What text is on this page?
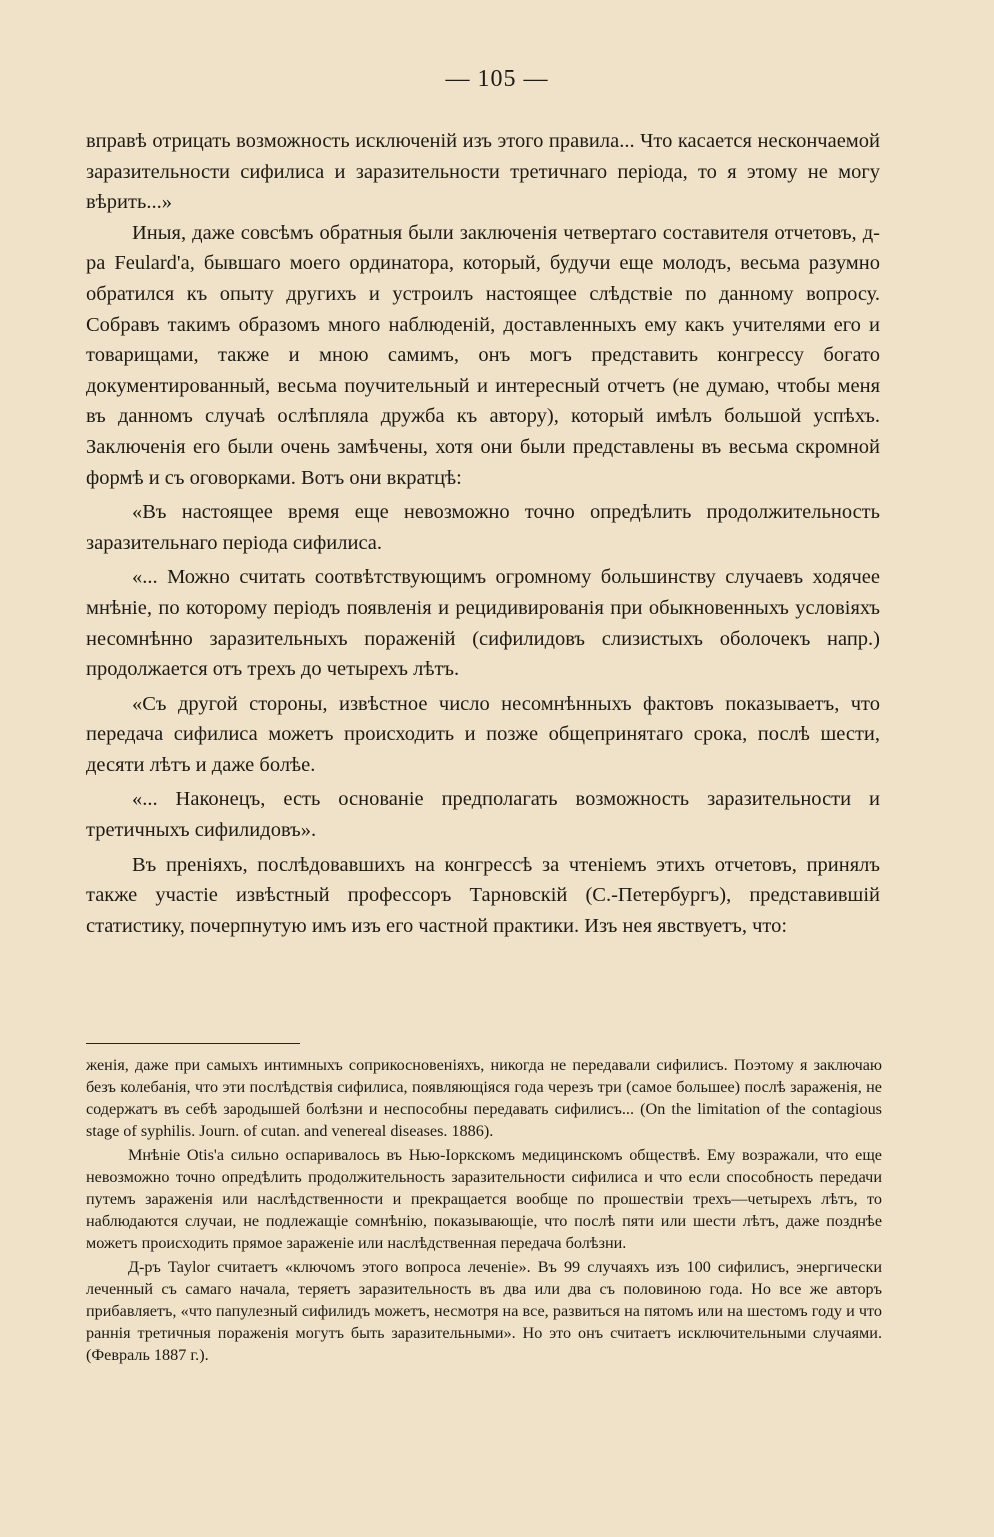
— 105 —

вправѣ отрицать возможность исключеній изъ этого правила... Что касается нескончаемой заразительности сифилиса и заразительности третичнаго періода, то я этому не могу вѣрить...»

Иныя, даже совсѣмъ обратныя были заключенія четвертаго составителя отчетовъ, д-ра Feulard'а, бывшаго моего ординатора, который, будучи еще молодъ, весьма разумно обратился къ опыту другихъ и устроилъ настоящее слѣдствіе по данному вопросу. Собравъ такимъ образомъ много наблюденій, доставленныхъ ему какъ учителями его и товарищами, также и мною самимъ, онъ могъ представить конгрессу богато документированный, весьма поучительный и интересный отчетъ (не думаю, чтобы меня въ данномъ случаѣ ослѣпляла дружба къ автору), который имѣлъ большой успѣхъ. Заключенія его были очень замѣчены, хотя они были представлены въ весьма скромной формѣ и съ оговорками. Вотъ они вкратцѣ:

«Въ настоящее время еще невозможно точно опредѣлить продолжительность заразительнаго періода сифилиса.

«... Можно считать соотвѣтствующимъ огромному большинству случаевъ ходячее мнѣніе, по которому періодъ появленія и рецидивированія при обыкновенныхъ условіяхъ несомнѣнно заразительныхъ пораженій (сифилидовъ слизистыхъ оболочекъ напр.) продолжается отъ трехъ до четырехъ лѣтъ.

«Съ другой стороны, извѣстное число несомнѣнныхъ фактовъ показываетъ, что передача сифилиса можетъ происходить и позже общепринятаго срока, послѣ шести, десяти лѣтъ и даже болѣе.

«... Наконецъ, есть основаніе предполагать возможность заразительности и третичныхъ сифилидовъ».

Въ преніяхъ, послѣдовавшихъ на конгрессѣ за чтеніемъ этихъ отчетовъ, принялъ также участіе извѣстный профессоръ Тарновскій (С.-Петербургъ), представившій статистику, почерпнутую имъ изъ его частной практики. Изъ нея явствуетъ, что:

женія, даже при самыхъ интимныхъ соприкосновеніяхъ, никогда не передавали сифилисъ. Поэтому я заключаю безъ колебанія, что эти послѣдствія сифилиса, появляющіяся года черезъ три (самое большее) послѣ зараженія, не содержатъ въ себѣ зародышей болѣзни и неспособны передавать сифилисъ... (On the limitation of the contagious stage of syphilis. Journ. of cutan. and venereal diseases. 1886).

Мнѣніе Otis'а сильно оспаривалось въ Нью-Іоркскомъ медицинскомъ обществѣ. Ему возражали, что еще невозможно точно опредѣлить продолжительность заразительности сифилиса и что если способность передачи путемъ зараженія или наслѣдственности и прекращается вообще по прошествіи трехъ—четырехъ лѣтъ, то наблюдаются случаи, не подлежащіе сомнѣнію, показывающіе, что послѣ пяти или шести лѣтъ, даже позднѣе можетъ происходить прямое зараженіе или наслѣдственная передача болѣзни.

Д-ръ Taylor считаетъ «ключомъ этого вопроса леченіе». Въ 99 случаяхъ изъ 100 сифилисъ, энергически леченный съ самаго начала, теряетъ заразительность въ два или два съ половиною года. Но все же авторъ прибавляетъ, «что папулезный сифилидъ можетъ, несмотря на все, развиться на пятомъ или на шестомъ году и что раннія третичныя пораженія могутъ быть заразительными». Но это онъ считаетъ исключительными случаями. (Февраль 1887 г.).
